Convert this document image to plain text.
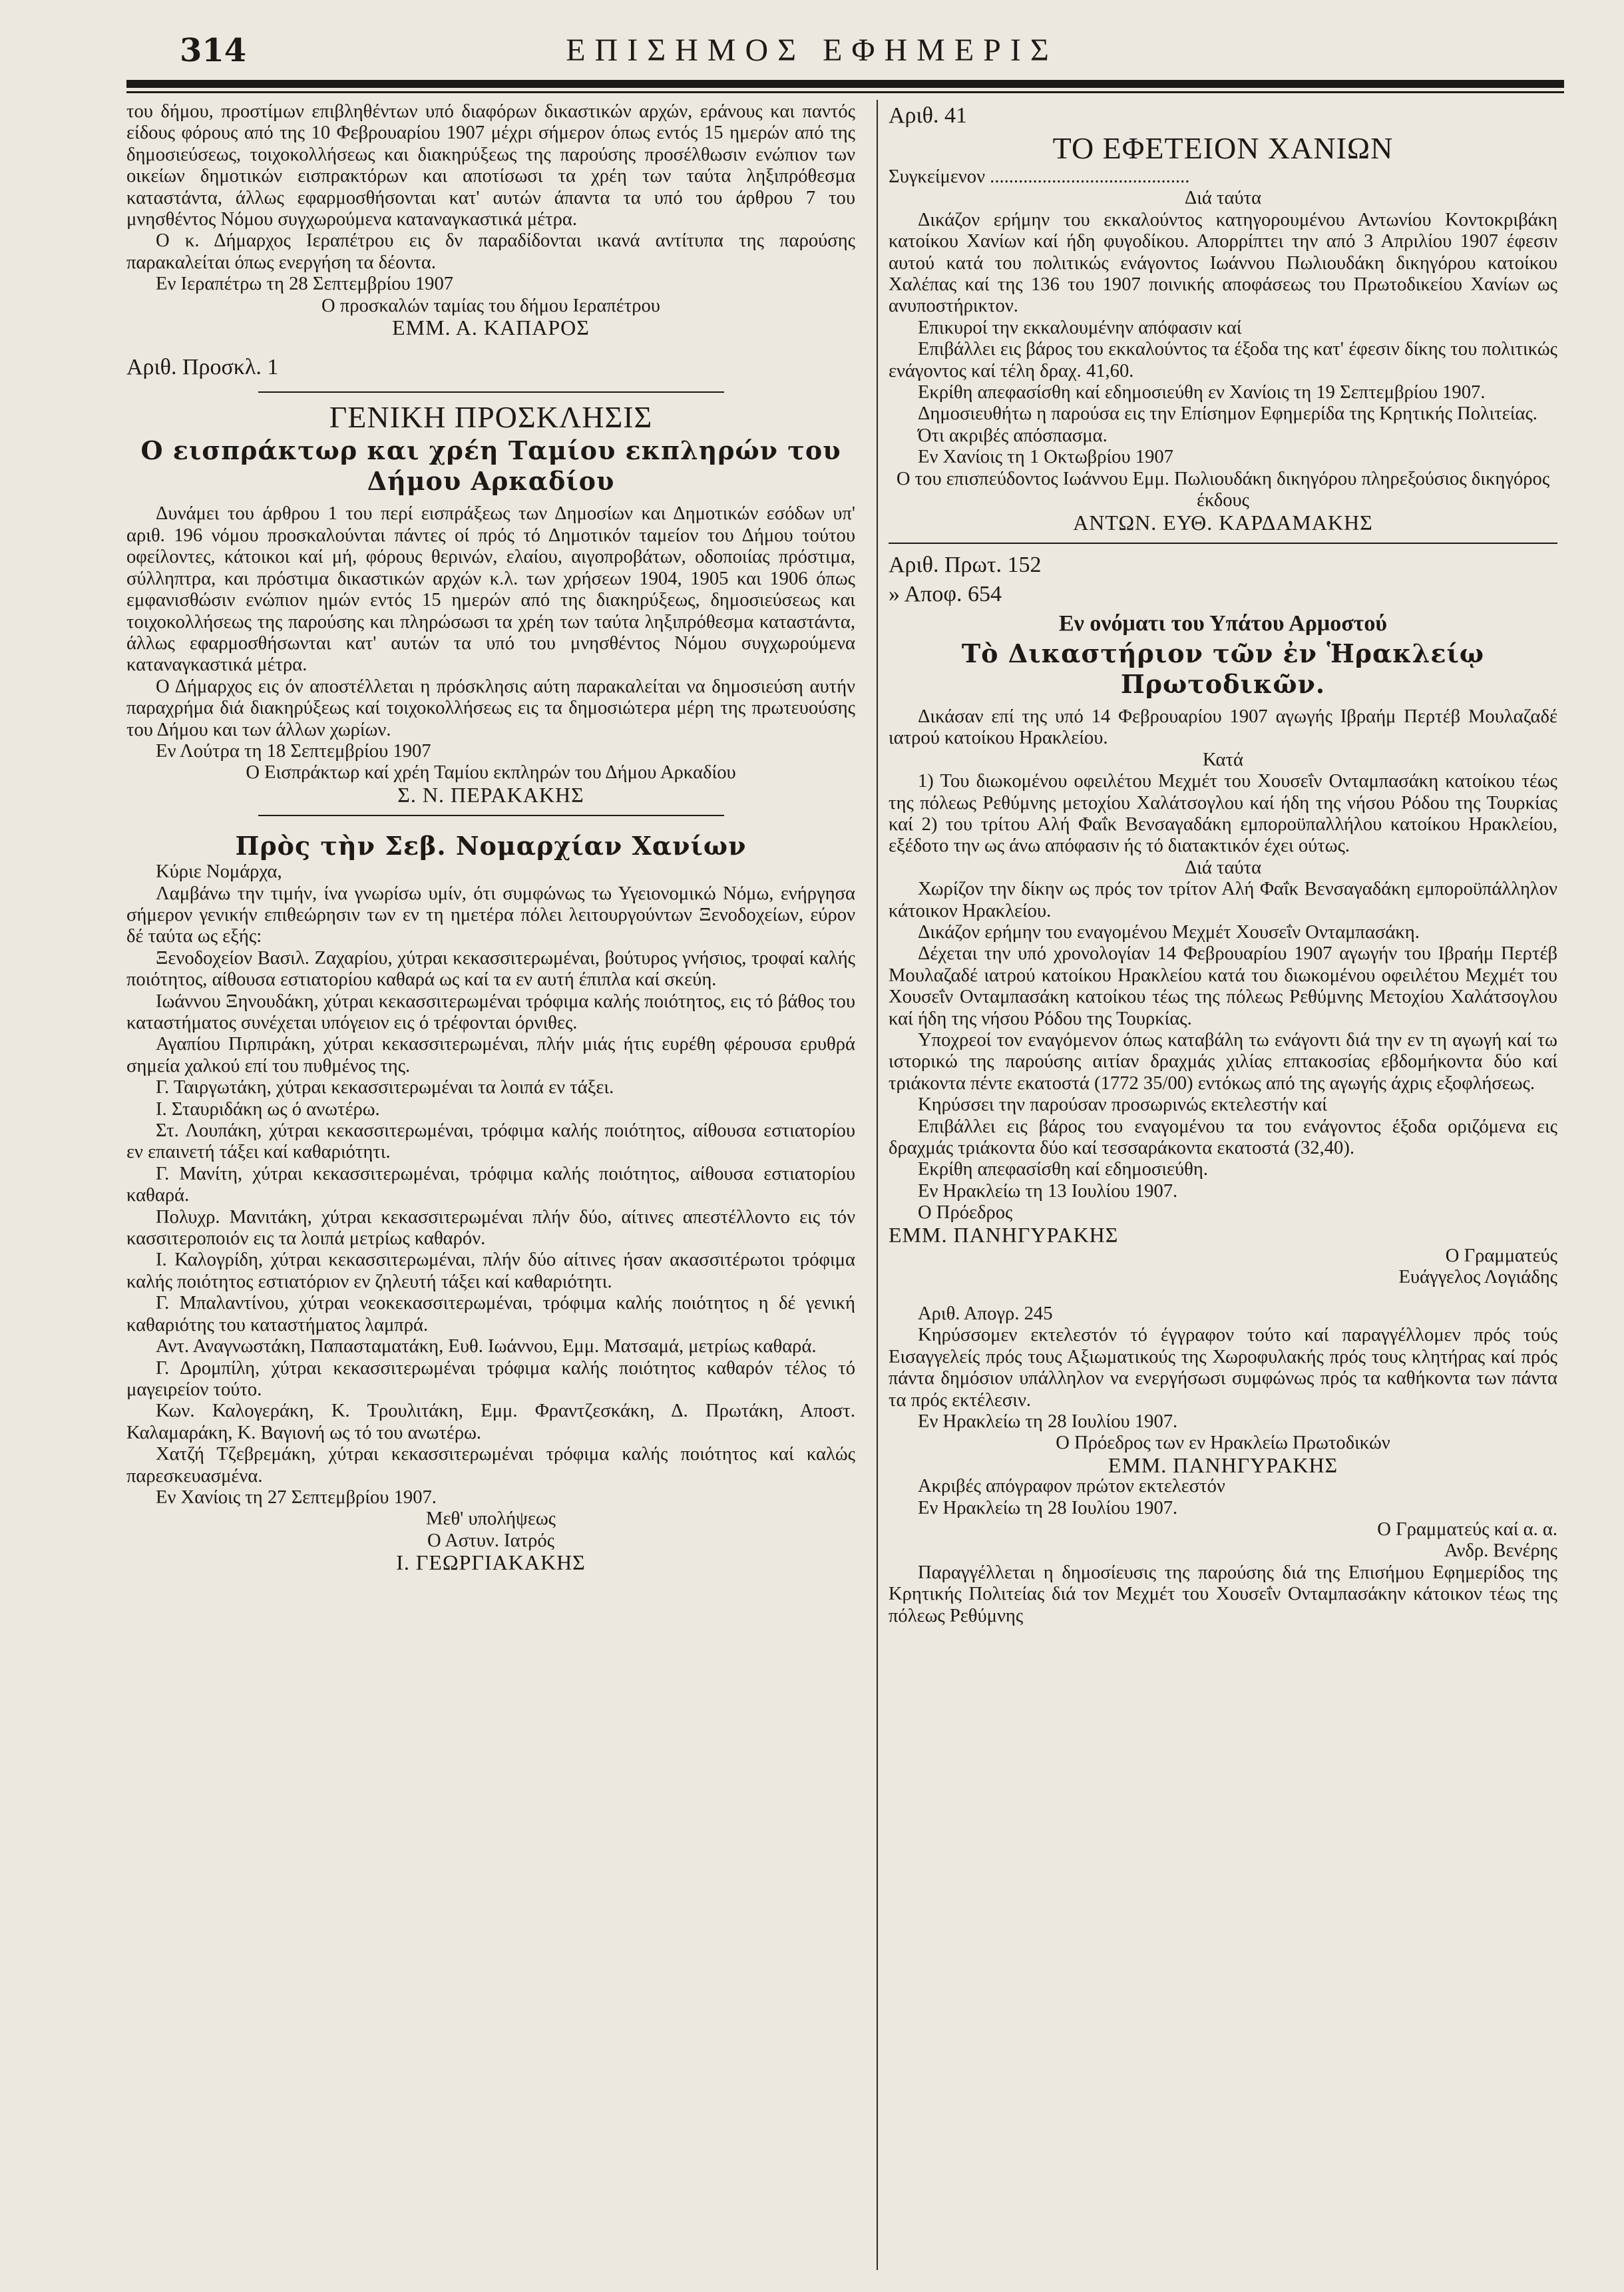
314	ΕΠΙΣΗΜΟΣ ΕΦΗΜΕΡΙΣ

του δήμου, προστίμων επιβληθέντων υπό διαφόρων δικαστικών αρχών, εράνους και παντός είδους φόρους από της 10 Φεβρουαρίου 1907 μέχρι σήμερον όπως εντός 15 ημερών από της δημοσιεύσεως, τοιχοκολλήσεως και διακηρύξεως της παρούσης προσέλθωσιν ενώπιον των οικείων δημοτικών εισπρακτόρων και αποτίσωσι τα χρέη των ταύτα ληξιπρόθεσμα καταστάντα, άλλως εφαρμοσθήσονται κατ' αυτών άπαντα τα υπό του άρθρου 7 του μνησθέντος Νόμου συγχωρούμενα καταναγκαστικά μέτρα.

Ο κ. Δήμαρχος Ιεραπέτρου εις δν παραδίδονται ικανά αντίτυπα της παρούσης παρακαλείται όπως ενεργήση τα δέοντα.

Εν Ιεραπέτρω τη 28 Σεπτεμβρίου 1907

Ο προσκαλών ταμίας του δήμου Ιεραπέτρου

ΕΜΜ. Α. ΚΑΠΑΡΟΣ

Αριθ. Προσκλ. 1

ΓΕΝΙΚΗ ΠΡΟΣΚΛΗΣΙΣ

Ο εισπράκτωρ και χρέη Ταμίου εκπληρών του Δήμου Αρκαδίου

Δυνάμει του άρθρου 1 του περί εισπράξεως των Δημοσίων και Δημοτικών εσόδων υπ' αριθ. 196 νόμου προσκαλούνται πάντες οί πρός τό Δημοτικόν ταμείον του Δήμου τούτου οφείλοντες, κάτοικοι καί μή, φόρους θερινών, ελαίου, αιγοπροβάτων, οδοποιίας πρόστιμα, σύλληπτρα, και πρόστιμα δικαστικών αρχών κ.λ. των χρήσεων 1904, 1905 και 1906 όπως εμφανισθώσιν ενώπιον ημών εντός 15 ημερών από της διακηρύξεως, δημοσιεύσεως και τοιχοκολλήσεως της παρούσης και πληρώσωσι τα χρέη των ταύτα ληξιπρόθεσμα καταστάντα, άλλως εφαρμοσθήσωνται κατ' αυτών τα υπό του μνησθέντος Νόμου συγχωρούμενα καταναγκαστικά μέτρα.

Ο Δήμαρχος εις όν αποστέλλεται η πρόσκλησις αύτη παρακαλείται να δημοσιεύση αυτήν παραχρήμα διά διακηρύξεως καί τοιχοκολλήσεως εις τα δημοσιώτερα μέρη της πρωτευούσης του Δήμου και των άλλων χωρίων.

Εν Λούτρα τη 18 Σεπτεμβρίου 1907

Ο Εισπράκτωρ καί χρέη Ταμίου εκπληρών του Δήμου Αρκαδίου

Σ. Ν. ΠΕΡΑΚΑΚΗΣ

Πρὸς τὴν Σεβ. Νομαρχίαν Χανίων

Κύριε Νομάρχα,

Λαμβάνω την τιμήν, ίνα γνωρίσω υμίν, ότι συμφώνως τω Υγειονομικώ Νόμω, ενήργησα σήμερον γενικήν επιθεώρησιν των εν τη ημετέρα πόλει λειτουργούντων Ξενοδοχείων, εύρον δέ ταύτα ως εξής:

Ξενοδοχείον Βασιλ. Ζαχαρίου, χύτραι κεκασσιτερωμέναι, βούτυρος γνήσιος, τροφαί καλής ποιότητος, αίθουσα εστιατορίου καθαρά ως καί τα εν αυτή έπιπλα καί σκεύη.

Ιωάννου Ξηνουδάκη, χύτραι κεκασσιτερωμέναι τρόφιμα καλής ποιότητος, εις τό βάθος του καταστήματος συνέχεται υπόγειον εις ό τρέφονται όρνιθες.

Αγαπίου Πιρπιράκη, χύτραι κεκασσιτερωμέναι, πλήν μιάς ήτις ευρέθη φέρουσα ερυθρά σημεία χαλκού επί του πυθμένος της.

Γ. Ταιργωτάκη, χύτραι κεκασσιτερωμέναι τα λοιπά εν τάξει.

Ι. Σταυριδάκη ως ό ανωτέρω.

Στ. Λουπάκη, χύτραι κεκασσιτερωμέναι, τρόφιμα καλής ποιότητος, αίθουσα εστιατορίου εν επαινετή τάξει καί καθαριότητι.

Γ. Μανίτη, χύτραι κεκασσιτερωμέναι, τρόφιμα καλής ποιότητος, αίθουσα εστιατορίου καθαρά.

Πολυχρ. Μανιτάκη, χύτραι κεκασσιτερωμέναι πλήν δύο, αίτινες απεστέλλοντο εις τόν κασσιτεροποιόν εις τα λοιπά μετρίως καθαρόν.

Ι. Καλογρίδη, χύτραι κεκασσιτερωμέναι, πλήν δύο αίτινες ήσαν ακασσιτέρωτοι τρόφιμα καλής ποιότητος εστιατόριον εν ζηλευτή τάξει καί καθαριότητι.

Γ. Μπαλαντίνου, χύτραι νεοκεκασσιτερωμέναι, τρόφιμα καλής ποιότητος η δέ γενική καθαριότης του καταστήματος λαμπρά.

Αντ. Αναγνωστάκη, Παπασταματάκη, Ευθ. Ιωάννου, Εμμ. Ματσαμά, μετρίως καθαρά.

Γ. Δρομπίλη, χύτραι κεκασσιτερωμέναι τρόφιμα καλής ποιότητος καθαρόν τέλος τό μαγειρείον τούτο.

Κων. Καλογεράκη, Κ. Τρουλιτάκη, Εμμ. Φραντζεσκάκη, Δ. Πρωτάκη, Αποστ. Καλαμαράκη, Κ. Βαγιονή ως τό του ανωτέρω.

Χατζή Τζεβρεμάκη, χύτραι κεκασσιτερωμέναι τρόφιμα καλής ποιότητος καί καλώς παρεσκευασμένα.

Εν Χανίοις τη 27 Σεπτεμβρίου 1907.

Μεθ' υπολήψεως

Ο Αστυν. Ιατρός

Ι. ΓΕΩΡΓΙΑΚΑΚΗΣ

Αριθ. 41

ΤΟ ΕΦΕΤΕΙΟΝ ΧΑΝΙΩΝ

Συγκείμενον ..........................................

Διά ταύτα

Δικάζον ερήμην του εκκαλούντος κατηγορουμένου Αντωνίου Κοντοκριβάκη κατοίκου Χανίων καί ήδη φυγοδίκου. Απορρίπτει την από 3 Απριλίου 1907 έφεσιν αυτού κατά του πολιτικώς ενάγοντος Ιωάννου Πωλιουδάκη δικηγόρου κατοίκου Χαλέπας καί της 136 του 1907 ποινικής αποφάσεως του Πρωτοδικείου Χανίων ως ανυποστήρικτον.

Επικυροί την εκκαλουμένην απόφασιν καί

Επιβάλλει εις βάρος του εκκαλούντος τα έξοδα της κατ' έφεσιν δίκης του πολιτικώς ενάγοντος καί τέλη δραχ. 41,60.

Εκρίθη απεφασίσθη καί εδημοσιεύθη εν Χανίοις τη 19 Σεπτεμβρίου 1907.

Δημοσιευθήτω η παρούσα εις την Επίσημον Εφημερίδα της Κρητικής Πολιτείας.

Ότι ακριβές απόσπασμα.

Εν Χανίοις τη 1 Οκτωβρίου 1907

Ο του επισπεύδοντος Ιωάννου Εμμ. Πωλιουδάκη δικηγόρου πληρεξούσιος δικηγόρος έκδους

ΑΝΤΩΝ. ΕΥΘ. ΚΑΡΔΑΜΑΚΗΣ

Αριθ. Πρωτ. 152

» Αποφ. 654

Εν ονόματι του Υπάτου Αρμοστού

Τὸ Δικαστήριον τῶν ἐν Ἡρακλείῳ Πρωτοδικῶν.

Δικάσαν επί της υπό 14 Φεβρουαρίου 1907 αγωγής Ιβραήμ Περτέβ Μουλαζαδέ ιατρού κατοίκου Ηρακλείου.

Κατά

1) Του διωκομένου οφειλέτου Μεχμέτ του Χουσεΐν Ονταμπασάκη κατοίκου τέως της πόλεως Ρεθύμνης μετοχίου Χαλάτσογλου καί ήδη της νήσου Ρόδου της Τουρκίας καί 2) του τρίτου Αλή Φαΐκ Βενσαγαδάκη εμποροϋπαλλήλου κατοίκου Ηρακλείου, εξέδοτο την ως άνω απόφασιν ής τό διατακτικόν έχει ούτως.

Διά ταύτα

Χωρίζον την δίκην ως πρός τον τρίτον Αλή Φαΐκ Βενσαγαδάκη εμποροϋπάλληλον κάτοικον Ηρακλείου.

Δικάζον ερήμην του εναγομένου Μεχμέτ Χουσεΐν Ονταμπασάκη.

Δέχεται την υπό χρονολογίαν 14 Φεβρουαρίου 1907 αγωγήν του Ιβραήμ Περτέβ Μουλαζαδέ ιατρού κατοίκου Ηρακλείου κατά του διωκομένου οφειλέτου Μεχμέτ του Χουσεΐν Ονταμπασάκη κατοίκου τέως της πόλεως Ρεθύμνης Μετοχίου Χαλάτσογλου καί ήδη της νήσου Ρόδου της Τουρκίας.

Υποχρεοί τον εναγόμενον όπως καταβάλη τω ενάγοντι διά την εν τη αγωγή καί τω ιστορικώ της παρούσης αιτίαν δραχμάς χιλίας επτακοσίας εβδομήκοντα δύο καί τριάκοντα πέντε εκατοστά (1772 35/00) εντόκως από της αγωγής άχρις εξοφλήσεως.

Κηρύσσει την παρούσαν προσωρινώς εκτελεστήν καί

Επιβάλλει εις βάρος του εναγομένου τα του ενάγοντος έξοδα οριζόμενα εις δραχμάς τριάκοντα δύο καί τεσσαράκοντα εκατοστά (32,40).

Εκρίθη απεφασίσθη καί εδημοσιεύθη.

Εν Ηρακλείω τη 13 Ιουλίου 1907.

Ο Πρόεδρος

ΕΜΜ. ΠΑΝΗΓΥΡΑΚΗΣ

Ο Γραμματεύς

Ευάγγελος Λογιάδης

Αριθ. Απογρ. 245

Κηρύσσομεν εκτελεστόν τό έγγραφον τούτο καί παραγγέλλομεν πρός τούς Εισαγγελείς πρός τους Αξιωματικούς της Χωροφυλακής πρός τους κλητήρας καί πρός πάντα δημόσιον υπάλληλον να ενεργήσωσι συμφώνως πρός τα καθήκοντα των πάντα τα πρός εκτέλεσιν.

Εν Ηρακλείω τη 28 Ιουλίου 1907.

Ο Πρόεδρος των εν Ηρακλείω Πρωτοδικών

ΕΜΜ. ΠΑΝΗΓΥΡΑΚΗΣ

Ακριβές απόγραφον πρώτον εκτελεστόν

Εν Ηρακλείω τη 28 Ιουλίου 1907.

Ο Γραμματεύς καί α. α.

Ανδρ. Βενέρης

Παραγγέλλεται η δημοσίευσις της παρούσης διά της Επισήμου Εφημερίδος της Κρητικής Πολιτείας διά τον Μεχμέτ του Χουσεΐν Ονταμπασάκην κάτοικον τέως της πόλεως Ρεθύμνης
